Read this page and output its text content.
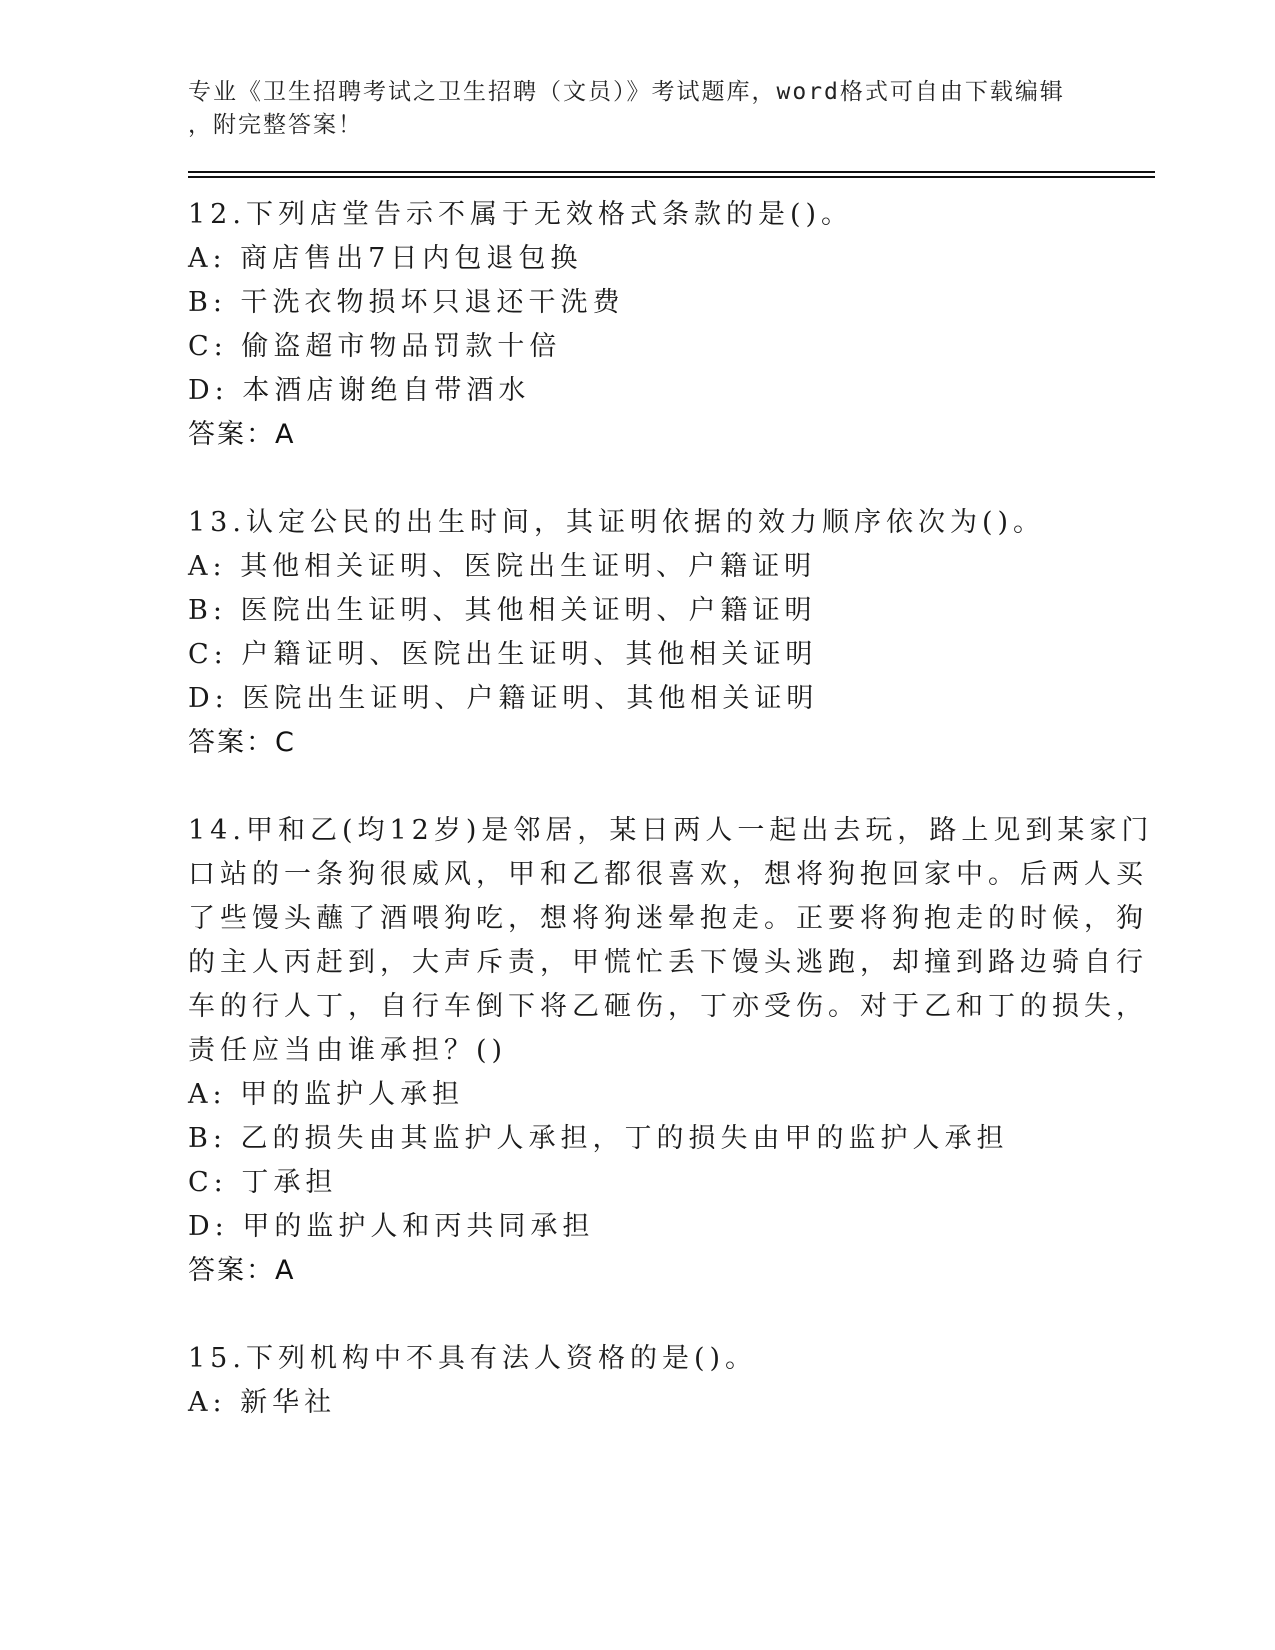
专业《卫生招聘考试之卫生招聘（文员）》考试题库，word格式可自由下载编辑
，附完整答案！
12.下列店堂告示不属于无效格式条款的是()。
A: 商店售出7日内包退包换
B: 干洗衣物损坏只退还干洗费
C: 偷盗超市物品罚款十倍
D: 本酒店谢绝自带酒水
答案：A
13.认定公民的出生时间，其证明依据的效力顺序依次为()。
A: 其他相关证明、医院出生证明、户籍证明
B: 医院出生证明、其他相关证明、户籍证明
C: 户籍证明、医院出生证明、其他相关证明
D: 医院出生证明、户籍证明、其他相关证明
答案：C
14.甲和乙(均12岁)是邻居，某日两人一起出去玩，路上见到某家门
口站的一条狗很威风，甲和乙都很喜欢，想将狗抱回家中。后两人买
了些馒头蘸了酒喂狗吃，想将狗迷晕抱走。正要将狗抱走的时候，狗
的主人丙赶到，大声斥责，甲慌忙丢下馒头逃跑，却撞到路边骑自行
车的行人丁，自行车倒下将乙砸伤，丁亦受伤。对于乙和丁的损失，
责任应当由谁承担？()
A: 甲的监护人承担
B: 乙的损失由其监护人承担，丁的损失由甲的监护人承担
C: 丁承担
D: 甲的监护人和丙共同承担
答案：A
15.下列机构中不具有法人资格的是()。
A: 新华社
